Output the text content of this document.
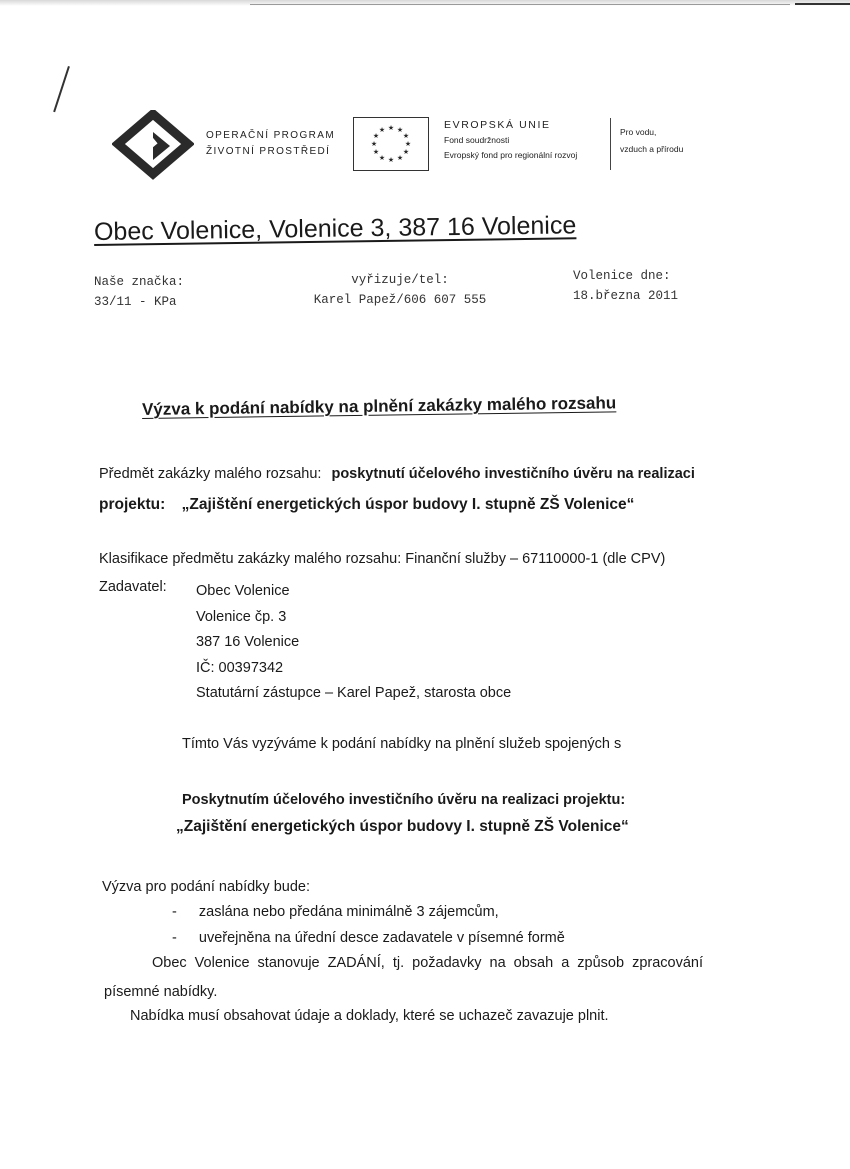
OPERAČNÍ PROGRAM
ŽIVOTNÍ PROSTŘEDÍ
★ ★
★
★
★
★
★
★
★
★
★
★	EVROPSKÁ UNIE
Fond soudržnosti
Evropský fond pro regionální rozvoj
Pro vodu,
vzduch a přírodu
Obec Volenice, Volenice 3, 387 16 Volenice
Naše značka:
33/11 - KPa
vyřizuje/tel:
Karel Papež/606 607 555
Volenice dne:
18.března 2011
Výzva k podání nabídky na plnění zakázky malého rozsahu
Předmět zakázky malého rozsahu: poskytnutí účelového investičního úvěru na realizaci
projektu: „Zajištění energetických úspor budovy I. stupně ZŠ Volenice“
Klasifikace předmětu zakázky malého rozsahu: Finanční služby – 67110000-1 (dle CPV)
Zadavatel: Obec Volenice
Volenice čp. 3
387 16 Volenice
IČ: 00397342
Statutární zástupce – Karel Papež, starosta obce
Tímto Vás vyzýváme k podání nabídky na plnění služeb spojených s
Poskytnutím účelového investičního úvěru na realizaci projektu:
„Zajištění energetických úspor budovy I. stupně ZŠ Volenice“
Výzva pro podání nabídky bude:
- zaslána nebo předána minimálně 3 zájemcům,
- uveřejněna na úřední desce zadavatele v písemné formě
Obec Volenice stanovuje ZADÁNÍ, tj. požadavky na obsah a způsob zpracování
písemné nabídky.
Nabídka musí obsahovat údaje a doklady, které se uchazeč zavazuje plnit.
